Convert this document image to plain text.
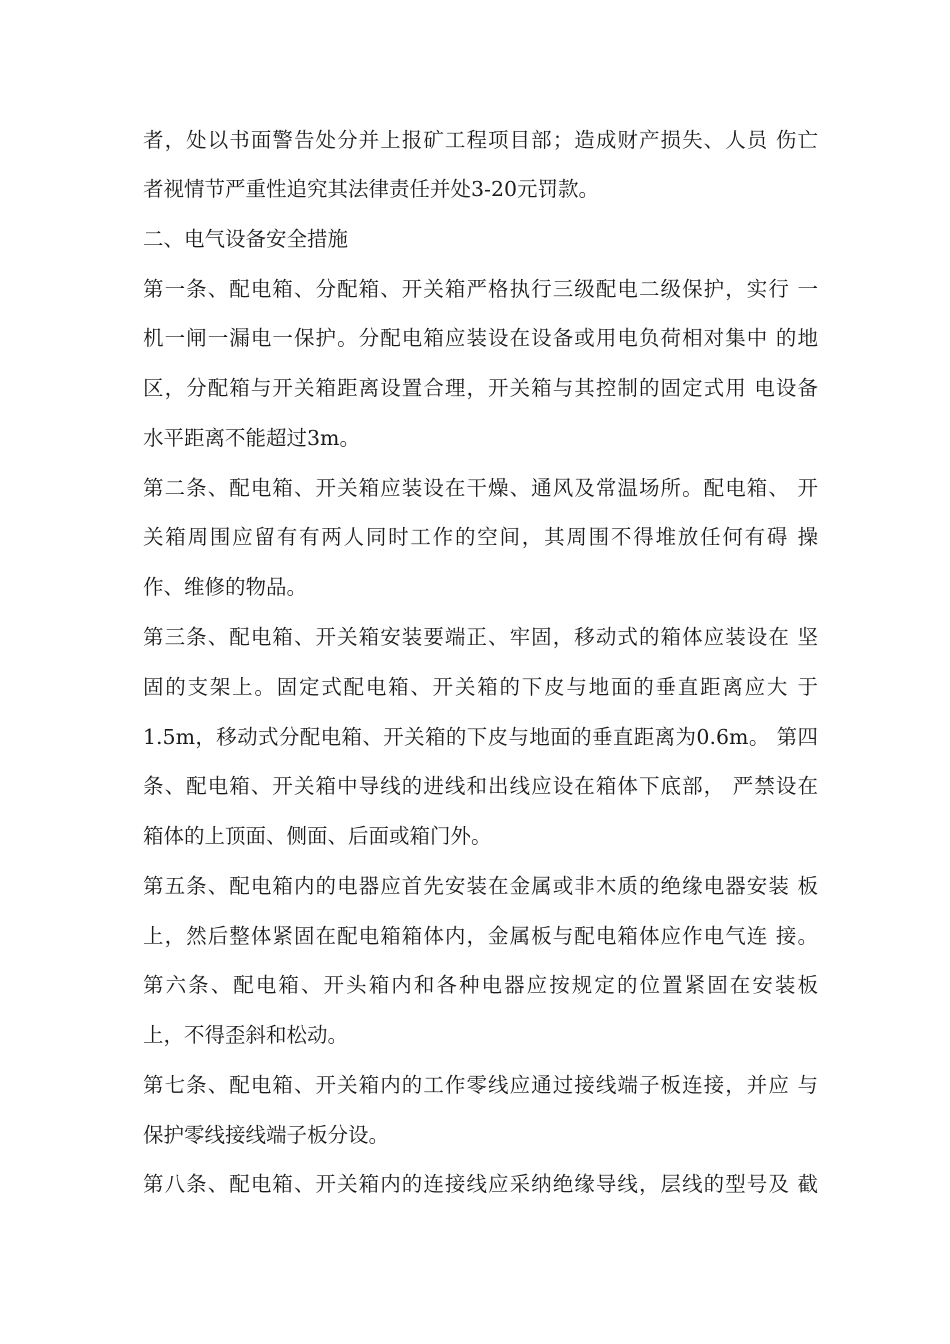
者，处以书面警告处分并上报矿工程项目部；造成财产损失、人员 伤亡
者视情节严重性追究其法律责任并处3-20元罚款。
二、电气设备安全措施
第一条、配电箱、分配箱、开关箱严格执行三级配电二级保护，实行 一
机一闸一漏电一保护。分配电箱应装设在设备或用电负荷相对集中 的地
区，分配箱与开关箱距离设置合理，开关箱与其控制的固定式用 电设备
水平距离不能超过3m。
第二条、配电箱、开关箱应装设在干燥、通风及常温场所。配电箱、 开
关箱周围应留有有两人同时工作的空间，其周围不得堆放任何有碍 操
作、维修的物品。
第三条、配电箱、开关箱安装要端正、牢固，移动式的箱体应装设在 坚
固的支架上。固定式配电箱、开关箱的下皮与地面的垂直距离应大 于
1.5m，移动式分配电箱、开关箱的下皮与地面的垂直距离为0.6m。 第四
条、配电箱、开关箱中导线的进线和出线应设在箱体下底部， 严禁设在
箱体的上顶面、侧面、后面或箱门外。
第五条、配电箱内的电器应首先安装在金属或非木质的绝缘电器安装 板
上，然后整体紧固在配电箱箱体内，金属板与配电箱体应作电气连 接。
第六条、配电箱、开头箱内和各种电器应按规定的位置紧固在安装板
上，不得歪斜和松动。
第七条、配电箱、开关箱内的工作零线应通过接线端子板连接，并应 与
保护零线接线端子板分设。
第八条、配电箱、开关箱内的连接线应采纳绝缘导线，层线的型号及 截
